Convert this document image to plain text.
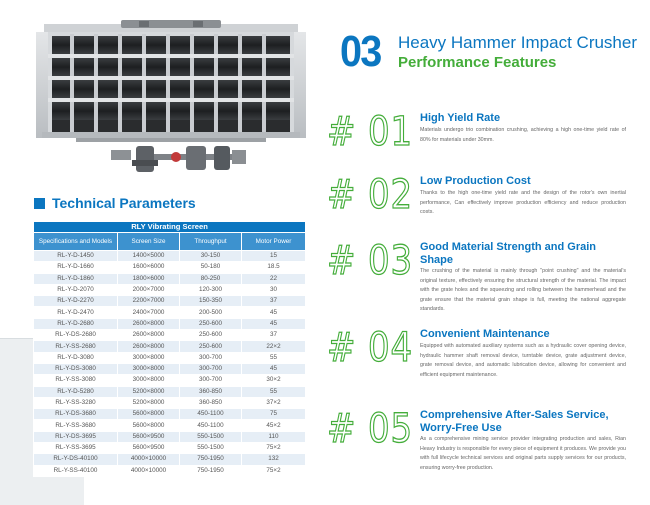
03 Heavy Hammer Impact Crusher
Performance Features
Technical Parameters
RLY Vibrating Screen			
Specifications and Models	Screen Size	Throughput	Motor Power
RL-Y-D-1450	1400×5000	30-150	15
RL-Y-D-1660	1600×6000	50-180	18.5
RL-Y-D-1860	1800×6000	80-250	22
RL-Y-D-2070	2000×7000	120-300	30
RL-Y-D-2270	2200×7000	150-350	37
RL-Y-D-2470	2400×7000	200-500	45
RL-Y-D-2680	2600×8000	250-600	45
RL-Y-DS-2680	2600×8000	250-600	37
RL-Y-SS-2680	2600×8000	250-600	22×2
RL-Y-D-3080	3000×8000	300-700	55
RL-Y-DS-3080	3000×8000	300-700	45
RL-Y-SS-3080	3000×8000	300-700	30×2
RL-Y-D-5280	5200×8000	360-850	55
RL-Y-SS-3280	5200×8000	360-850	37×2
RL-Y-DS-3680	5600×8000	450-1100	75
RL-Y-SS-3680	5600×8000	450-1100	45×2
RL-Y-DS-3695	5600×9500	550-1500	110
RL-Y-SS-3695	5600×9500	550-1500	75×2
RL-Y-DS-40100	4000×10000	750-1950	132
RL-Y-SS-40100	4000×10000	750-1950	75×2
# 01 High Yield Rate
Materials undergo trio combination crushing, achieving a high one-time yield rate of 80% for materials under 30mm.
# 02 Low Production Cost
Thanks to the high one-time yield rate and the design of the rotor's own inertial performance, Can effectively improve production efficiency and reduce production costs.
# 03 Good Material Strength and Grain Shape
The crushing of the material is mainly through "point crushing" and the material's original texture, effectively ensuring the structural strength of the material. The impact with the grate holes and the squeezing and rolling between the hammerhead and the grate ensure that the material grain shape is full, meeting the national aggregate standards.
# 04 Convenient Maintenance
Equipped with automated auxiliary systems such as a hydraulic cover opening device, hydraulic hammer shaft removal device, turntable device, grate adjustment device, grate removal device, and automatic lubrication device, allowing for convenient and efficient equipment maintenance.
# 05 Comprehensive After-Sales Service, Worry-Free Use
As a comprehensive mining service provider integrating production and sales, Rian Heavy Industry is responsible for every piece of equipment it produces. We provide you with full lifecycle technical services and original parts supply services for our products, ensuring worry-free production.
